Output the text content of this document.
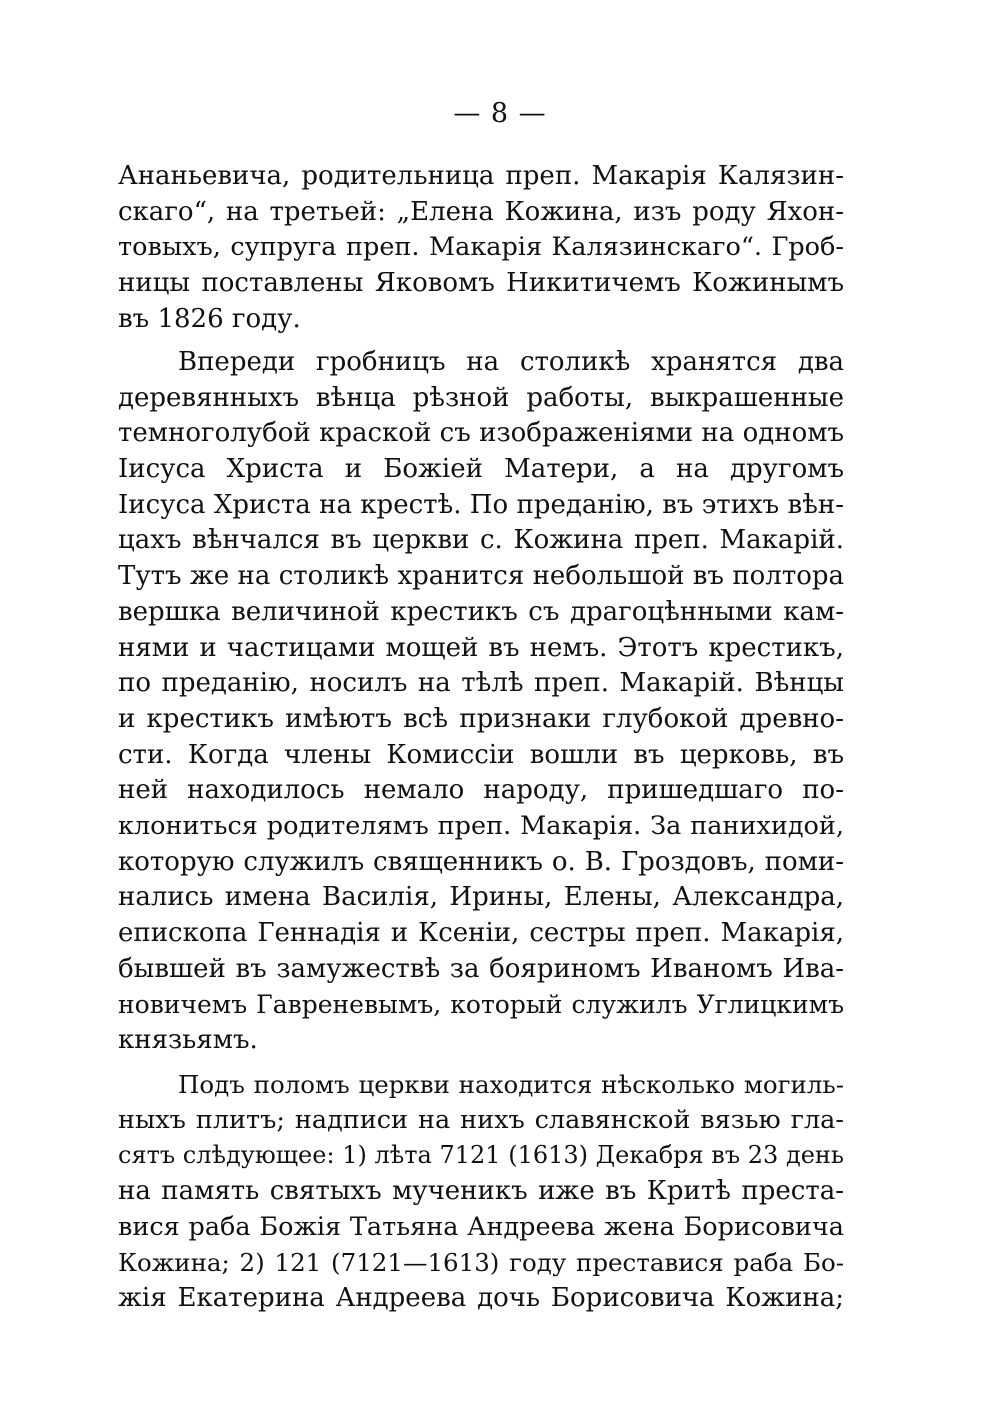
— 8 —
Ананьевича, родительница преп. Макарія Калязин-
скаго“, на третьей: „Елена Кожина, изъ роду Яхон-
товыхъ, супруга преп. Макарія Калязинскаго“. Гроб-
ницы поставлены Яковомъ Никитичемъ Кожинымъ
въ 1826 году.
Впереди гробницъ на столикѣ хранятся два
деревянныхъ вѣнца рѣзной работы, выкрашенные
темноголубой краской съ изображеніями на одномъ
Іисуса Христа и Божіей Матери, а на другомъ
Іисуса Христа на крестѣ. По преданію, въ этихъ вѣн-
цахъ вѣнчался въ церкви с. Кожина преп. Макарій.
Тутъ же на столикѣ хранится небольшой въ полтора
вершка величиной крестикъ съ драгоцѣнными кам-
нями и частицами мощей въ немъ. Этотъ крестикъ,
по преданію, носилъ на тѣлѣ преп. Макарій. Вѣнцы
и крестикъ имѣютъ всѣ признаки глубокой древно-
сти. Когда члены Комиссіи вошли въ церковь, въ
ней находилось немало народу, пришедшаго по-
клониться родителямъ преп. Макарія. За панихидой,
которую служилъ священникъ о. В. Гроздовъ, поми-
нались имена Василія, Ирины, Елены, Александра,
епископа Геннадія и Ксеніи, сестры преп. Макарія,
бывшей въ замужествѣ за бояриномъ Иваномъ Ива-
новичемъ Гавреневымъ, который служилъ Углицкимъ
князьямъ.
Подъ поломъ церкви находится нѣсколько могиль-
ныхъ плитъ; надписи на нихъ славянской вязью гла-
сятъ слѣдующее: 1) лѣта 7121 (1613) Декабря въ 23 день
на память святыхъ мученикъ иже въ Критѣ преста-
вися раба Божія Татьяна Андреева жена Борисовича
Кожина; 2) 121 (7121—1613) году преставися раба Бо-
жія Екатерина Андреева дочь Борисовича Кожина;
